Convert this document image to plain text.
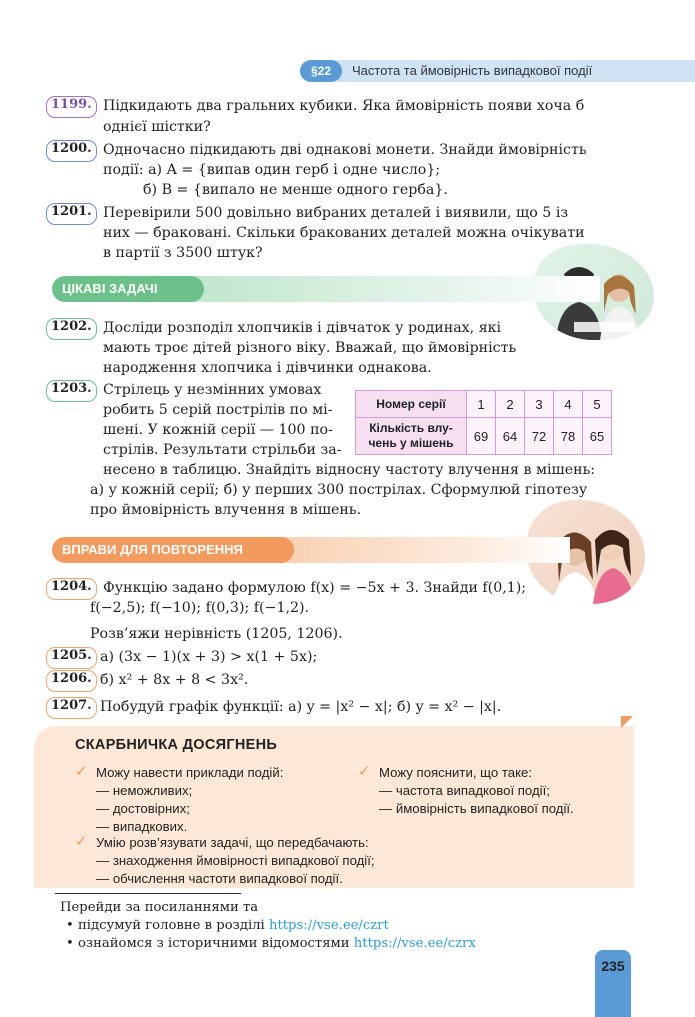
§22	Частота та ймовірність випадкової події
1199. Підкидають два гральних кубики. Яка ймовірність появи хоча б
однієї шістки?
1200. Одночасно підкидають дві однакові монети. Знайди ймовірність
події: а) A = {випав один герб і одне число};
б) B = {випало не менше одного герба}.
1201. Перевірили 500 довільно вибраних деталей і виявили, що 5 із
них — браковані. Скільки бракованих деталей можна очікувати
в партії з 3500 штук?
ЦІКАВІ ЗАДАЧІ
1202. Досліди розподіл хлопчиків і дівчаток у родинах, які
мають троє дітей різного віку. Вважай, що ймовірність
народження хлопчика і дівчинки однакова.
1203. Стрілець у незмінних умовах
робить 5 серій пострілів по мі-
шені. У кожній серії — 100 по-
стрілів. Результати стрільби за-
несено в таблицю. Знайдіть відносну частоту влучення в мішень:
а) у кожній серії; б) у перших 300 пострілах. Сформулюй гіпотезу
про ймовірність влучення в мішень.
Номер серії	1	2	3	4	5
Кількість влу-
чень у мішень	69	64	72	78	65
ВПРАВИ ДЛЯ ПОВТОРЕННЯ
1204. Функцію задано формулою f(x) = −5x + 3. Знайди f(0,1);
f(−2,5); f(−10); f(0,3); f(−1,2).
Розв’яжи нерівність (1205, 1206).
1205. а) (3x − 1)(x + 3) > x(1 + 5x);
1206. б) x² + 8x + 8 < 3x².
1207. Побудуй графік функції: а) y = |x² − x|; б) y = x² − |x|.
СКАРБНИЧКА ДОСЯГНЕНЬ
✓ Можу навести приклади подій:
— неможливих;
— достовірних;
— випадкових.
✓ Можу пояснити, що таке:
— частота випадкової події;
— ймовірність випадкової події.
✓ Умію розв’язувати задачі, що передбачають:
— знаходження ймовірності випадкової події;
— обчислення частоти випадкової події.
Перейди за посиланнями та
• підсумуй головне в розділі https://vse.ee/czrt
• ознайомся з історичними відомостями https://vse.ee/czrx
235
